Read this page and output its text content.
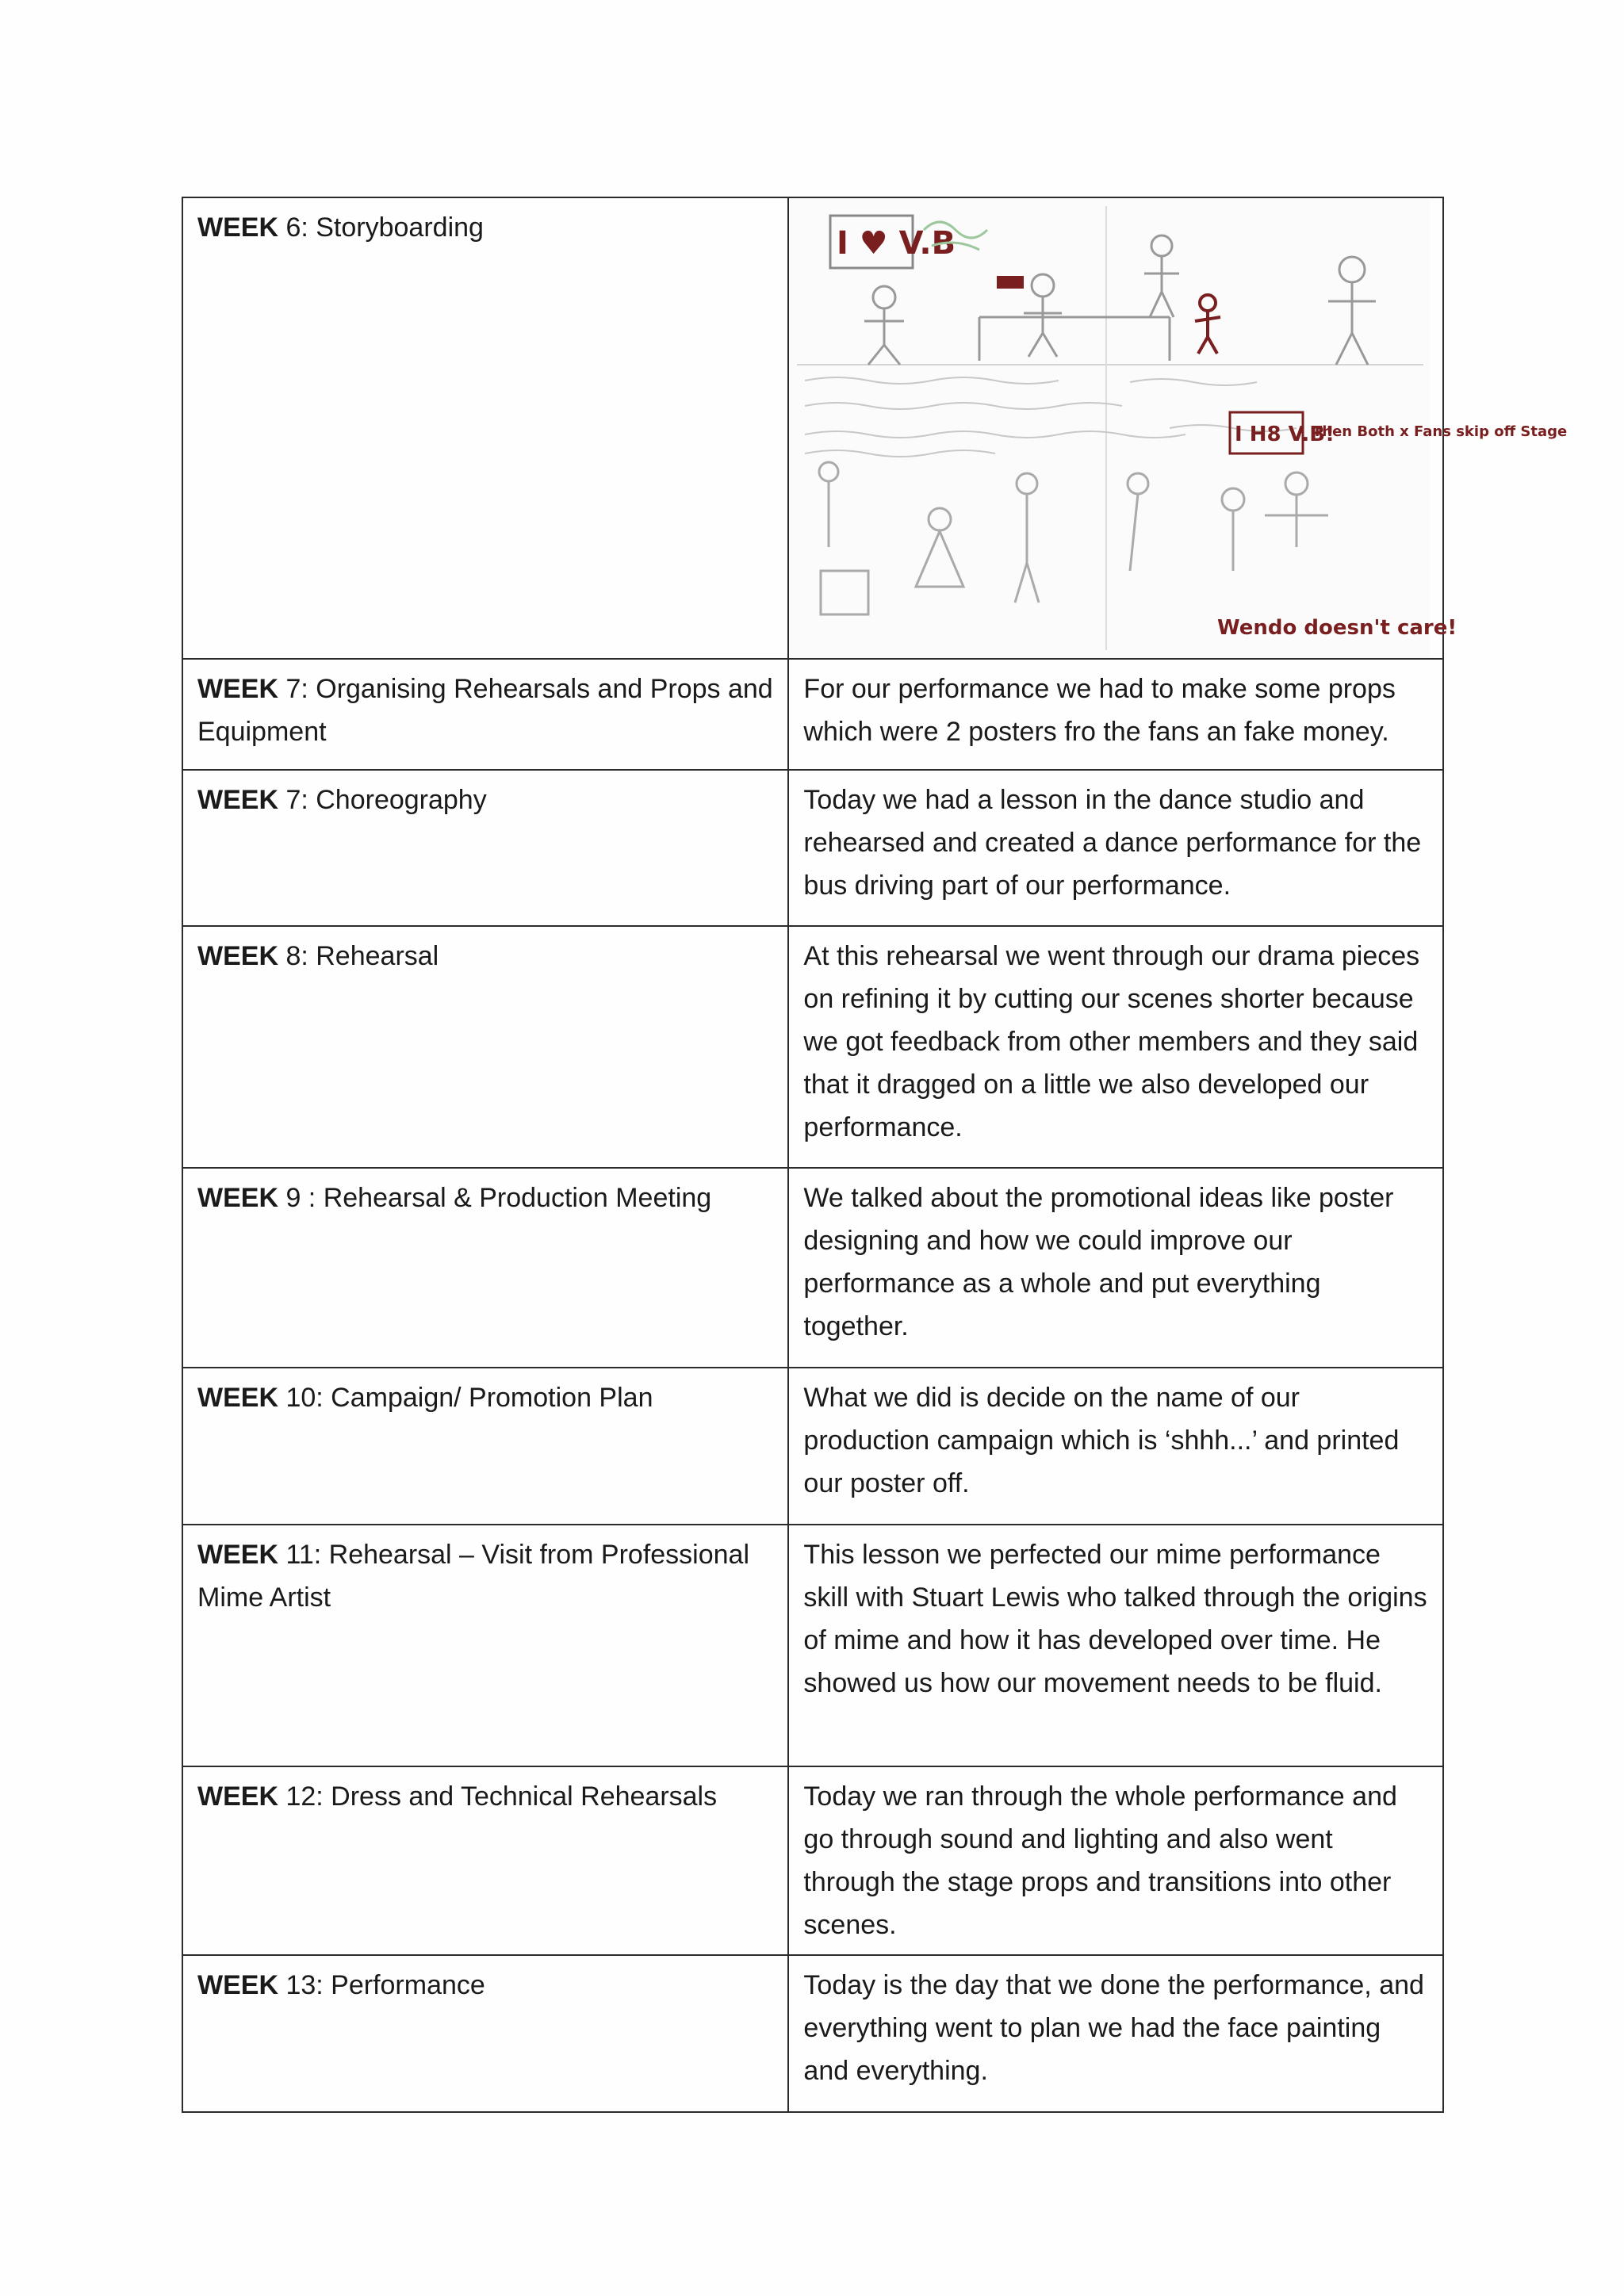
WEEK 6: Storyboarding	I ♥ V.B
I H8 V.B!
Then Both x Fans skip off Stage
Wendo doesn't care!

WEEK 7: Organising Rehearsals and Props and Equipment	For our performance we had to make some props which were 2 posters fro the fans an fake money.
WEEK 7: Choreography	Today we had a lesson in the dance studio and rehearsed and created a dance performance for the bus driving part of our performance.
WEEK 8: Rehearsal	At this rehearsal we went through our drama pieces on refining it by cutting our scenes shorter because we got feedback from other members and they said that it dragged on a little we also developed our performance.
WEEK 9 : Rehearsal & Production Meeting	We talked about the promotional ideas like poster designing and how we could improve our performance as a whole and put everything together.
WEEK 10: Campaign/ Promotion Plan	What we did is decide on the name of our production campaign which is ‘shhh...’ and printed our poster off.
WEEK 11: Rehearsal – Visit from Professional Mime Artist	This lesson we perfected our mime performance skill with Stuart Lewis who talked through the origins of mime and how it has developed over time. He showed us how our movement needs to be fluid.
WEEK 12: Dress and Technical Rehearsals	Today we ran through the whole performance and go through sound and lighting and also went through the stage props and transitions into other scenes.
WEEK 13: Performance	Today is the day that we done the performance, and everything went to plan we had the face painting and everything.
